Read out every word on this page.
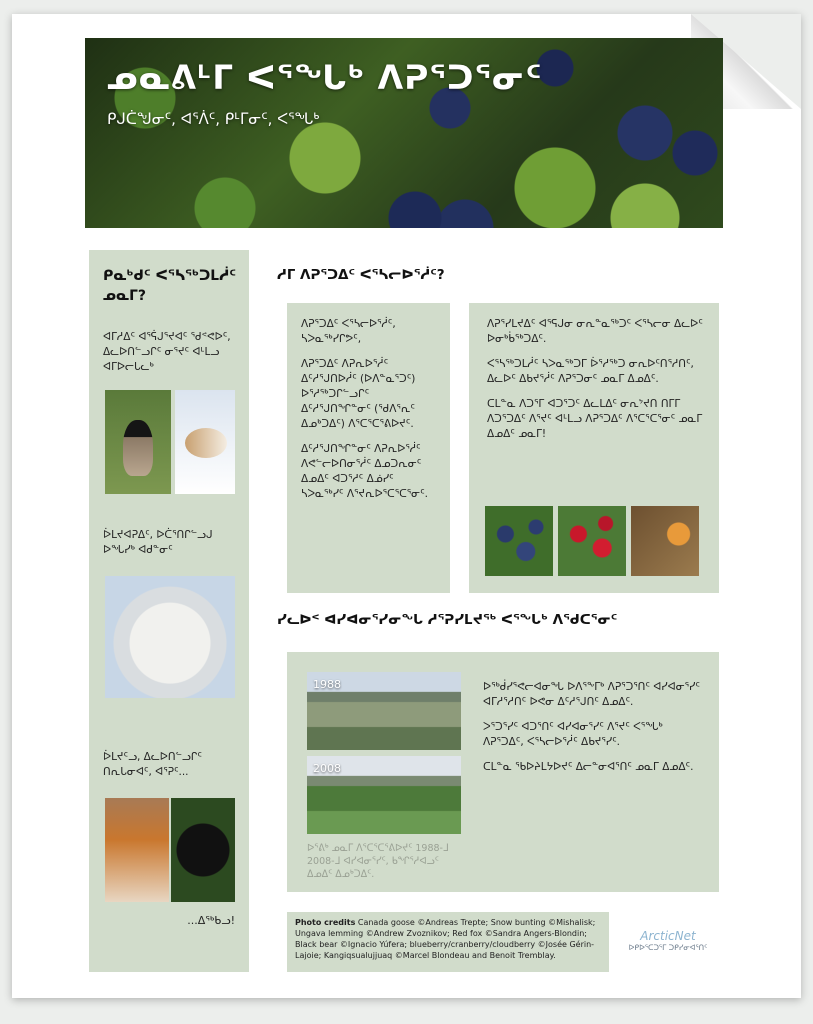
ᓄᓇᕕᒻᒥ ᐸᕐᖓᒃ ᐱᕈᕐᑐᕐᓂᑦ
ᑭᒍᑖᖑᓂᑦ, ᐊᕐᐲᑦ, ᑭᒻᒥᓂᑦ, ᐸᕐᖓᒃ
ᑭᓇᒃᑯᑦ ᐸᕐᓴᖅᑐᒪᓲᑦ ᓄᓇᒥ?
ᐊᒥᓱᐃᑦ ᐊᕐᕌᒍᕐᔪᐊᑦ ᖁᕝᕙᐅᑦ, ᐃᓚᐅᑎᓪᓗᒋᑦ ᓂᕐᔪᑦ ᐊᒻᒪᓗ ᐊᒥᐅᓕᒐᓚᒃ
ᐆᒪᔪᐊᕈᐃᑦ, ᐅᑖᕐᑎᒋᓪᓗᒍ ᐅᖓᓯᒃ ᐊᑯᓐᓂᑦ
ᐆᒪᔪᑦᓗ, ᐃᓚᐅᑎᓪᓗᒋᑦ ᑎᕆᒐᓂᐊᑦ, ᐊᕐᕈᑦ...
...ᐃᖅᑲᓗ!
ᓱᒥ ᐱᕈᕐᑐᐃᑦ ᐸᕐᓴᓕᐅᕐᓲᑦ?

ᐱᕈᕐᑐᐃᑦ ᐸᕐᓴᓕᐅᕐᓲᑦ, ᓴᐳᓇᖅᓯᒋᕗᑦ,

ᐱᕈᕐᑐᐃᑦ ᐱᕈᕆᐅᕐᓲᑦ ᐃᑦᓱᕐᒍᑎᐅᓲᑦ (ᐅᐱᓐᓇᕐᑐᑦ) ᐅᕐᓱᖅᑐᒋᓪᓗᒋᑦ ᐃᑦᓱᕐᒍᑎᖏᓐᓂᑦ (ᖁᐱᕐᕆᑦ ᐃᓄᒃᑐᐃᑦ) ᐱᕐᑕᕐᑕᕐᕕᐅᔪᑦ.

ᐃᑦᓱᕐᒍᑎᖏᓐᓂᑦ ᐱᕈᕆᐅᕐᓲᑦ ᐱᕙᓪᓕᐅᑎᓂᕐᓲᑦ ᐃᓄᑐᕆᓂᑦ ᐃᓄᐃᑦ ᐊᑐᕐᓱᑦ ᐃᓅᓯᑦ ᓴᐳᓇᖅᓯᑦ ᐱᕐᔪᕆᐅᕐᑕᕐᑕᕐᓂᑦ.

ᐱᕈᕐᓯᒪᔪᐃᑦ ᐊᕐᕋᒍᓂ ᓂᕆᓐᓇᖅᑐᑦ ᐸᕐᓴᓕᓂ ᐃᓚᐅᑦ ᐅᓂᒃᑳᖅᑐᐃᑦ.

ᐸᕐᓴᖅᑐᒪᓲᑦ ᓴᐳᓇᖅᑐᒥ ᐆᕐᓱᖅᑐ ᓂᕆᐅᑦᑎᕐᓱᑎᑦ, ᐃᓚᐅᑦ ᐃᑲᔪᕐᓲᑦ ᐱᕈᕐᑐᓂᑦ ᓄᓇᒥ ᐃᓄᐃᑦ.

ᑕᒪᓐᓇ ᐱᑐᕐᒥ ᐊᑐᕐᑐᑦ ᐃᓚᒪᐃᑦ ᓂᕆᔾᔪᑎ ᑎᒥᒥ ᐱᑐᕐᑐᐃᑦ ᐱᕐᔪᑦ ᐊᒻᒪᓗ ᐱᕈᕐᑐᐃᑦ ᐱᕐᑕᕐᑕᕐᓂᑦ ᓄᓇᒥ ᐃᓄᐃᑦ ᓄᓇᒥ!

ᓯᓚᐅᑉ ᐊᓯᐊᓂᕐᓯᓂᖓ ᓱᕐᕈᓯᒪᔪᖅ ᐸᕐᖓᒃ ᐱᕐᑯᑕᕐᓂᑦ
1988
2008
ᐅᕐᕕᒃ ᓄᓇᒥ ᐱᕐᑕᕐᑕᕐᕕᐅᔪᑦ 1988-ᒧ 2008-ᒧ ᐊᓯᐊᓂᕐᓯᑦ, ᑲᖏᕐᓱᐊᓗᑦ ᐃᓄᐃᑦ ᐃᓄᒃᑐᐃᑦ.

ᐅᖅᑰᓯᕐᕙᓕᐊᓂᖓ ᐅᐱᕐᖕᒥᒃ ᐱᕈᕐᑐᕐᑎᑦ ᐊᓯᐊᓂᕐᓯᑦ ᐊᒥᓱᕐᓱᑎᑦ ᐅᕙᓂ ᐃᑦᓱᕐᒍᑎᑦ ᐃᓄᐃᑦ.

ᐳᕐᑐᕐᓯᑦ ᐊᑐᕐᑎᑦ ᐊᓯᐊᓂᕐᓯᑦ ᐱᕐᔪᑦ ᐸᕐᖓᒃ ᐱᕈᕐᑐᐃᑦ, ᐸᕐᓴᓕᐅᕐᓲᑦ ᐃᑲᔪᕐᓯᑦ.

ᑕᒪᓐᓇ ᖃᐅᔨᒪᔭᐅᔪᑦ ᐃᓕᓐᓂᐊᕐᑎᑦ ᓄᓇᒥ ᐃᓄᐃᑦ.

Photo credits Canada goose ©Andreas Trepte; Snow bunting ©Mishalisk; Ungava lemming ©Andrew Zvoznikov; Red fox ©Sandra Angers-Blondin; Black bear ©Ignacio Yúfera; blueberry/cranberry/cloudberry ©Josée Gérin-Lajoie; Kangiqsualujjuaq ©Marcel Blondeau and Benoit Tremblay.
ArcticNet
ᐅᑭᐅᕐᑕᑐᕐᒥ ᑐᑭᓯᓂᐊᕐᑎᑦ
